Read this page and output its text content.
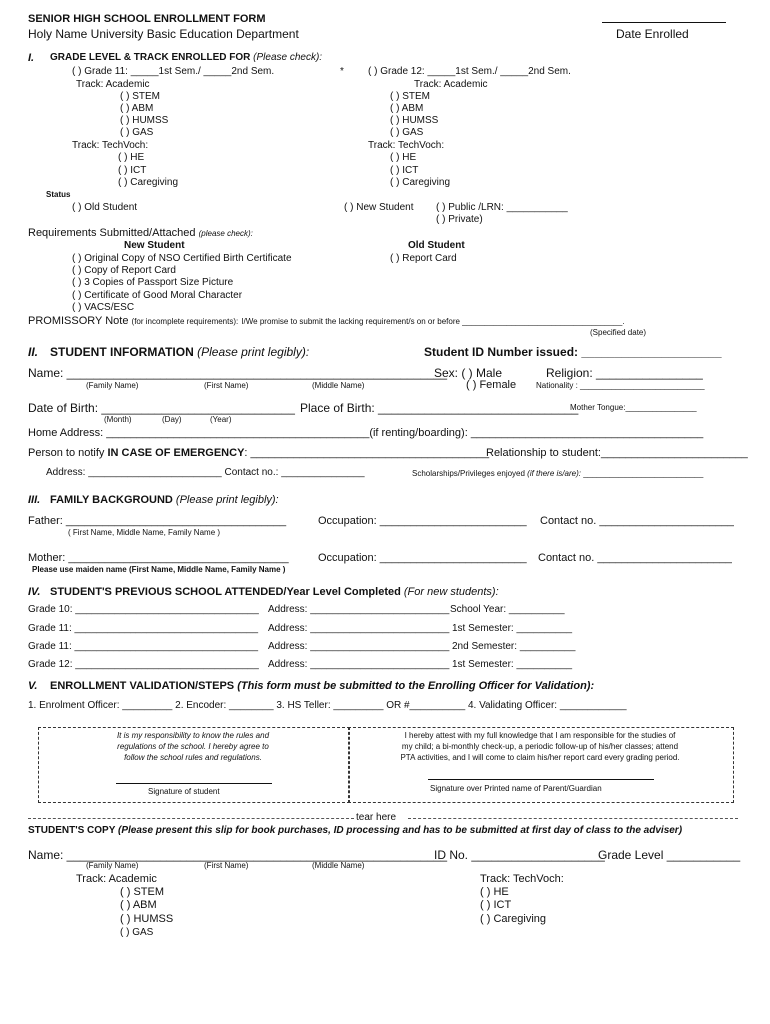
SENIOR HIGH SCHOOL ENROLLMENT FORM
Holy Name University Basic Education Department	Date Enrolled
I. GRADE LEVEL & TRACK ENROLLED FOR (Please check):
( ) Grade 11: _____1st Sem./ _____2nd Sem.	* ( ) Grade 12: _____1st Sem./ _____2nd Sem.
Track: Academic	Track: Academic
( ) STEM
( ) ABM
( ) HUMSS
( ) GAS
( ) STEM
( ) ABM
( ) HUMSS
( ) GAS
Track: TechVoch:	Track: TechVoch:
( ) HE
( ) ICT
( ) Caregiving
( ) HE
( ) ICT
( ) Caregiving
Status
( ) Old Student	( ) New Student ( ) Public /LRN: ___________
( ) Private)
Requirements Submitted/Attached (please check):
New Student	Old Student
( ) Original Copy of NSO Certified Birth Certificate	( ) Report Card
( ) Copy of Report Card
( ) 3 Copies of Passport Size Picture
( ) Certificate of Good Moral Character
( ) VACS/ESC
PROMISSORY Note (for incomplete requirements): I/We promise to submit the lacking requirement/s on or before ____________________________________.
(Specified date)
II. STUDENT INFORMATION (Please print legibly):	Student ID Number issued: _____________________
Name: _________________________________________________________
Sex: ( ) Male	Religion: ________________
(Family Name)	(First Name)	(Middle Name)	( ) Female Nationality : ____________________________
Date of Birth: _____________________________ Place of Birth: ______________________________
Mother Tongue:________________
(Month)	(Day)	(Year)
Home Address: ___________________________________________(if renting/boarding): ______________________________________
Person to notify IN CASE OF EMERGENCY: _______________________________________
Relationship to student:________________________
Address: ________________________ Contact no.: _______________	Scholarships/Privileges enjoyed (if there is/are): ___________________________
III. FAMILY BACKGROUND (Please print legibly):
Father: ____________________________________	Occupation: ________________________ Contact no. ______________________
( First Name, Middle Name, Family Name )
Mother: ____________________________________	Occupation: ________________________ Contact no. ______________________
Please use maiden name (First Name, Middle Name, Family Name )
IV. STUDENT'S PREVIOUS SCHOOL ATTENDED/Year Level Completed (For new students):
Grade 10: _________________________________ Address: _________________________ School Year: __________
Grade 11: _________________________________ Address: _________________________ 1st Semester: __________
Grade 11: _________________________________ Address: _________________________ 2nd Semester: __________
Grade 12: _________________________________ Address: _________________________ 1st Semester: __________
V. ENROLLMENT VALIDATION/STEPS (This form must be submitted to the Enrolling Officer for Validation):
1. Enrolment Officer: _________ 2. Encoder: ________ 3. HS Teller: _________ OR #__________ 4. Validating Officer: ____________
It is my responsibility to know the rules and
regulations of the school. I hereby agree to
follow the school rules and regulations.
Signature of student
I hereby attest with my full knowledge that I am responsible for the studies of
my child; a bi-monthly check-up, a periodic follow-up of his/her classes; attend
PTA activities, and I will come to claim his/her report card every grading period.
Signature over Printed name of Parent/Guardian
tear here
STUDENT'S COPY (Please present this slip for book purchases, ID processing and has to be submitted at first day of class to the adviser)
Name: _________________________________________________________
ID No. ____________________
Grade Level ___________
(Family Name)	(First Name)	(Middle Name)
Track: Academic	Track: TechVoch:
( ) STEM
( ) ABM
( ) HUMSS
( ) GAS
( ) HE
( ) ICT
( ) Caregiving
